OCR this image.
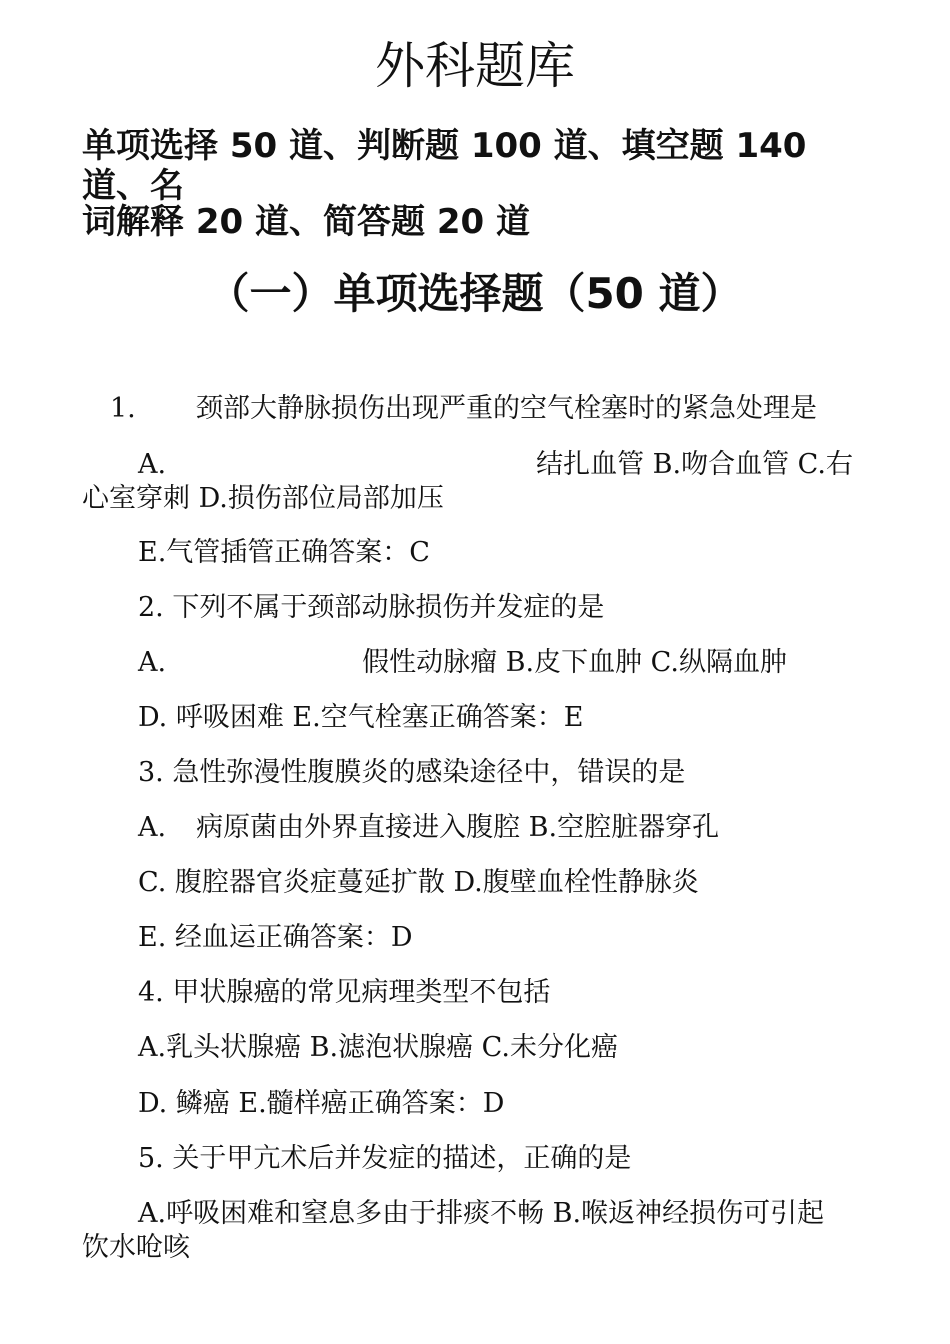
外科题库
单项选择 50 道、判断题 100 道、填空题 140 道、名
词解释 20 道、简答题 20 道
（一）单项选择题（50 道）
1. 颈部大静脉损伤出现严重的空气栓塞时的紧急处理是
A.	结扎血管 B.吻合血管 C.右
心室穿刺 D.损伤部位局部加压
E.气管插管正确答案：C
2. 下列不属于颈部动脉损伤并发症的是
A.	假性动脉瘤 B.皮下血肿 C.纵隔血肿
D. 呼吸困难 E.空气栓塞正确答案：E
3. 急性弥漫性腹膜炎的感染途径中，错误的是
A. 病原菌由外界直接进入腹腔 B.空腔脏器穿孔
C. 腹腔器官炎症蔓延扩散 D.腹壁血栓性静脉炎
E. 经血运正确答案：D
4. 甲状腺癌的常见病理类型不包括
A.乳头状腺癌 B.滤泡状腺癌 C.未分化癌
D. 鳞癌 E.髓样癌正确答案：D
5. 关于甲亢术后并发症的描述，正确的是
A.呼吸困难和窒息多由于排痰不畅 B.喉返神经损伤可引起
饮水呛咳
